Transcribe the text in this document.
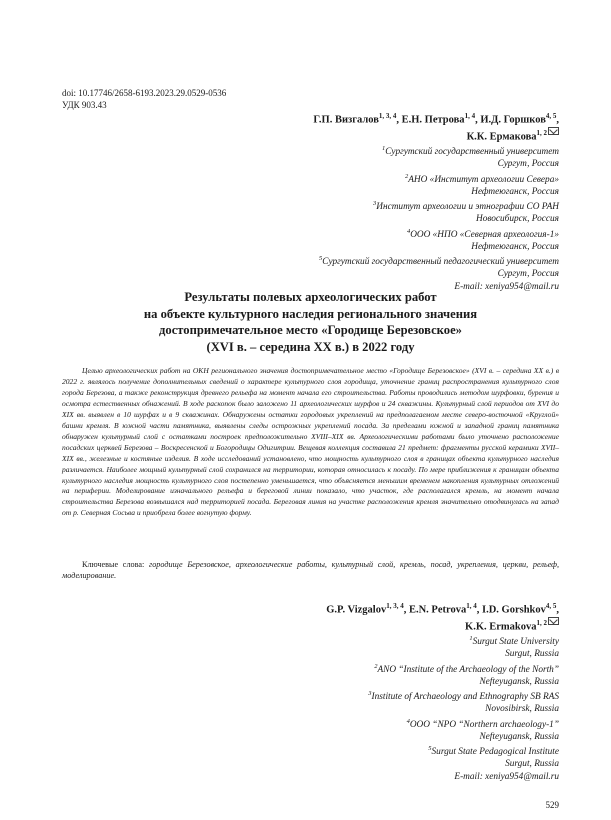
doi: 10.17746/2658-6193.2023.29.0529-0536
УДК 903.43
Г.П. Визгалов$^{1, 3, 4}$, Е.Н. Петрова$^{1, 4}$, И.Д. Горшков$^{4, 5}$,
К.К. Ермакова$^{1, 2}$
$^1$Сургутский государственный университет
Сургут, Россия
$^2$АНО «Институт археологии Севера»
Нефтеюганск, Россия
$^3$Институт археологии и этнографии СО РАН
Новосибирск, Россия
$^4$ООО «НПО «Северная археология-1»
Нефтеюганск, Россия
$^5$Сургутский государственный педагогический университет
Сургут, Россия
E-mail: xeniya954@mail.ru
Результаты полевых археологических работ
на объекте культурного наследия регионального значения
достопримечательное место «Городище Березовское»
(XVI в. – середина XX в.) в 2022 году
Целью археологических работ на ОКН регионального значения достопримечательное место «Городище Березовское» (XVI в. – середина XX в.) в 2022 г. являлось получение дополнительных сведений о характере культурного слоя городища, уточнение границ распространения культурного слоя города Березова, а также реконструкция древнего рельефа на момент начала его строительства. Работы проводились методом шурфовки, бурения и осмотра естественных обнажений. В ходе раскопок было заложено 11 археологических шурфов и 24 скважины. Культурный слой периодов от XVI до XIX вв. выявлен в 10 шурфах и в 9 скважинах. Обнаружены остатки городовых укреплений на предполагаемом месте северо-восточной «Круглой» башни кремля. В южной части памятника, выявлены следы острожных укреплений посада. За пределами южной и западной границ памятника обнаружен культурный слой с остатками построек предположительно XVIII–XIX вв. Археологическими работами было уточнено расположение посадских церквей Березова – Воскресенской и Богородицы Одигитрии. Вещевая коллекция составила 21 предмет: фрагменты русской керамики XVII–XIX вв., железные и костяные изделия. В ходе исследований установлено, что мощность культурного слоя в границах объекта культурного наследия различается. Наиболее мощный культурный слой сохранился на территории, которая относилась к посаду. По мере приближения к границам объекта культурного наследия мощность культурного слоя постепенно уменьшается, что объясняется меньшим временем накопления культурных отложений на периферии. Моделирование изначального рельефа и береговой линии показало, что участок, где располагался кремль, на момент начала строительства Березова возвышался над территорией посада. Береговая линия на участке расположения кремля значительно отодвинулась на запад от р. Северная Сосьва и приобрела более вогнутую форму.
Ключевые слова: городище Березовское, археологические работы, культурный слой, кремль, посад, укрепления, церкви, рельеф, моделирование.
G.P. Vizgalov$^{1, 3, 4}$, E.N. Petrova$^{1, 4}$, I.D. Gorshkov$^{4, 5}$,
K.K. Ermakova$^{1, 2}$
$^1$Surgut State University
Surgut, Russia
$^2$ANO “Institute of the Archaeology of the North”
Nefteyugansk, Russia
$^3$Institute of Archaeology and Ethnography SB RAS
Novosibirsk, Russia
$^4$OOO “NPO “Northern archaeology-1”
Nefteyugansk, Russia
$^5$Surgut State Pedagogical Institute
Surgut, Russia
E-mail: xeniya954@mail.ru
529
